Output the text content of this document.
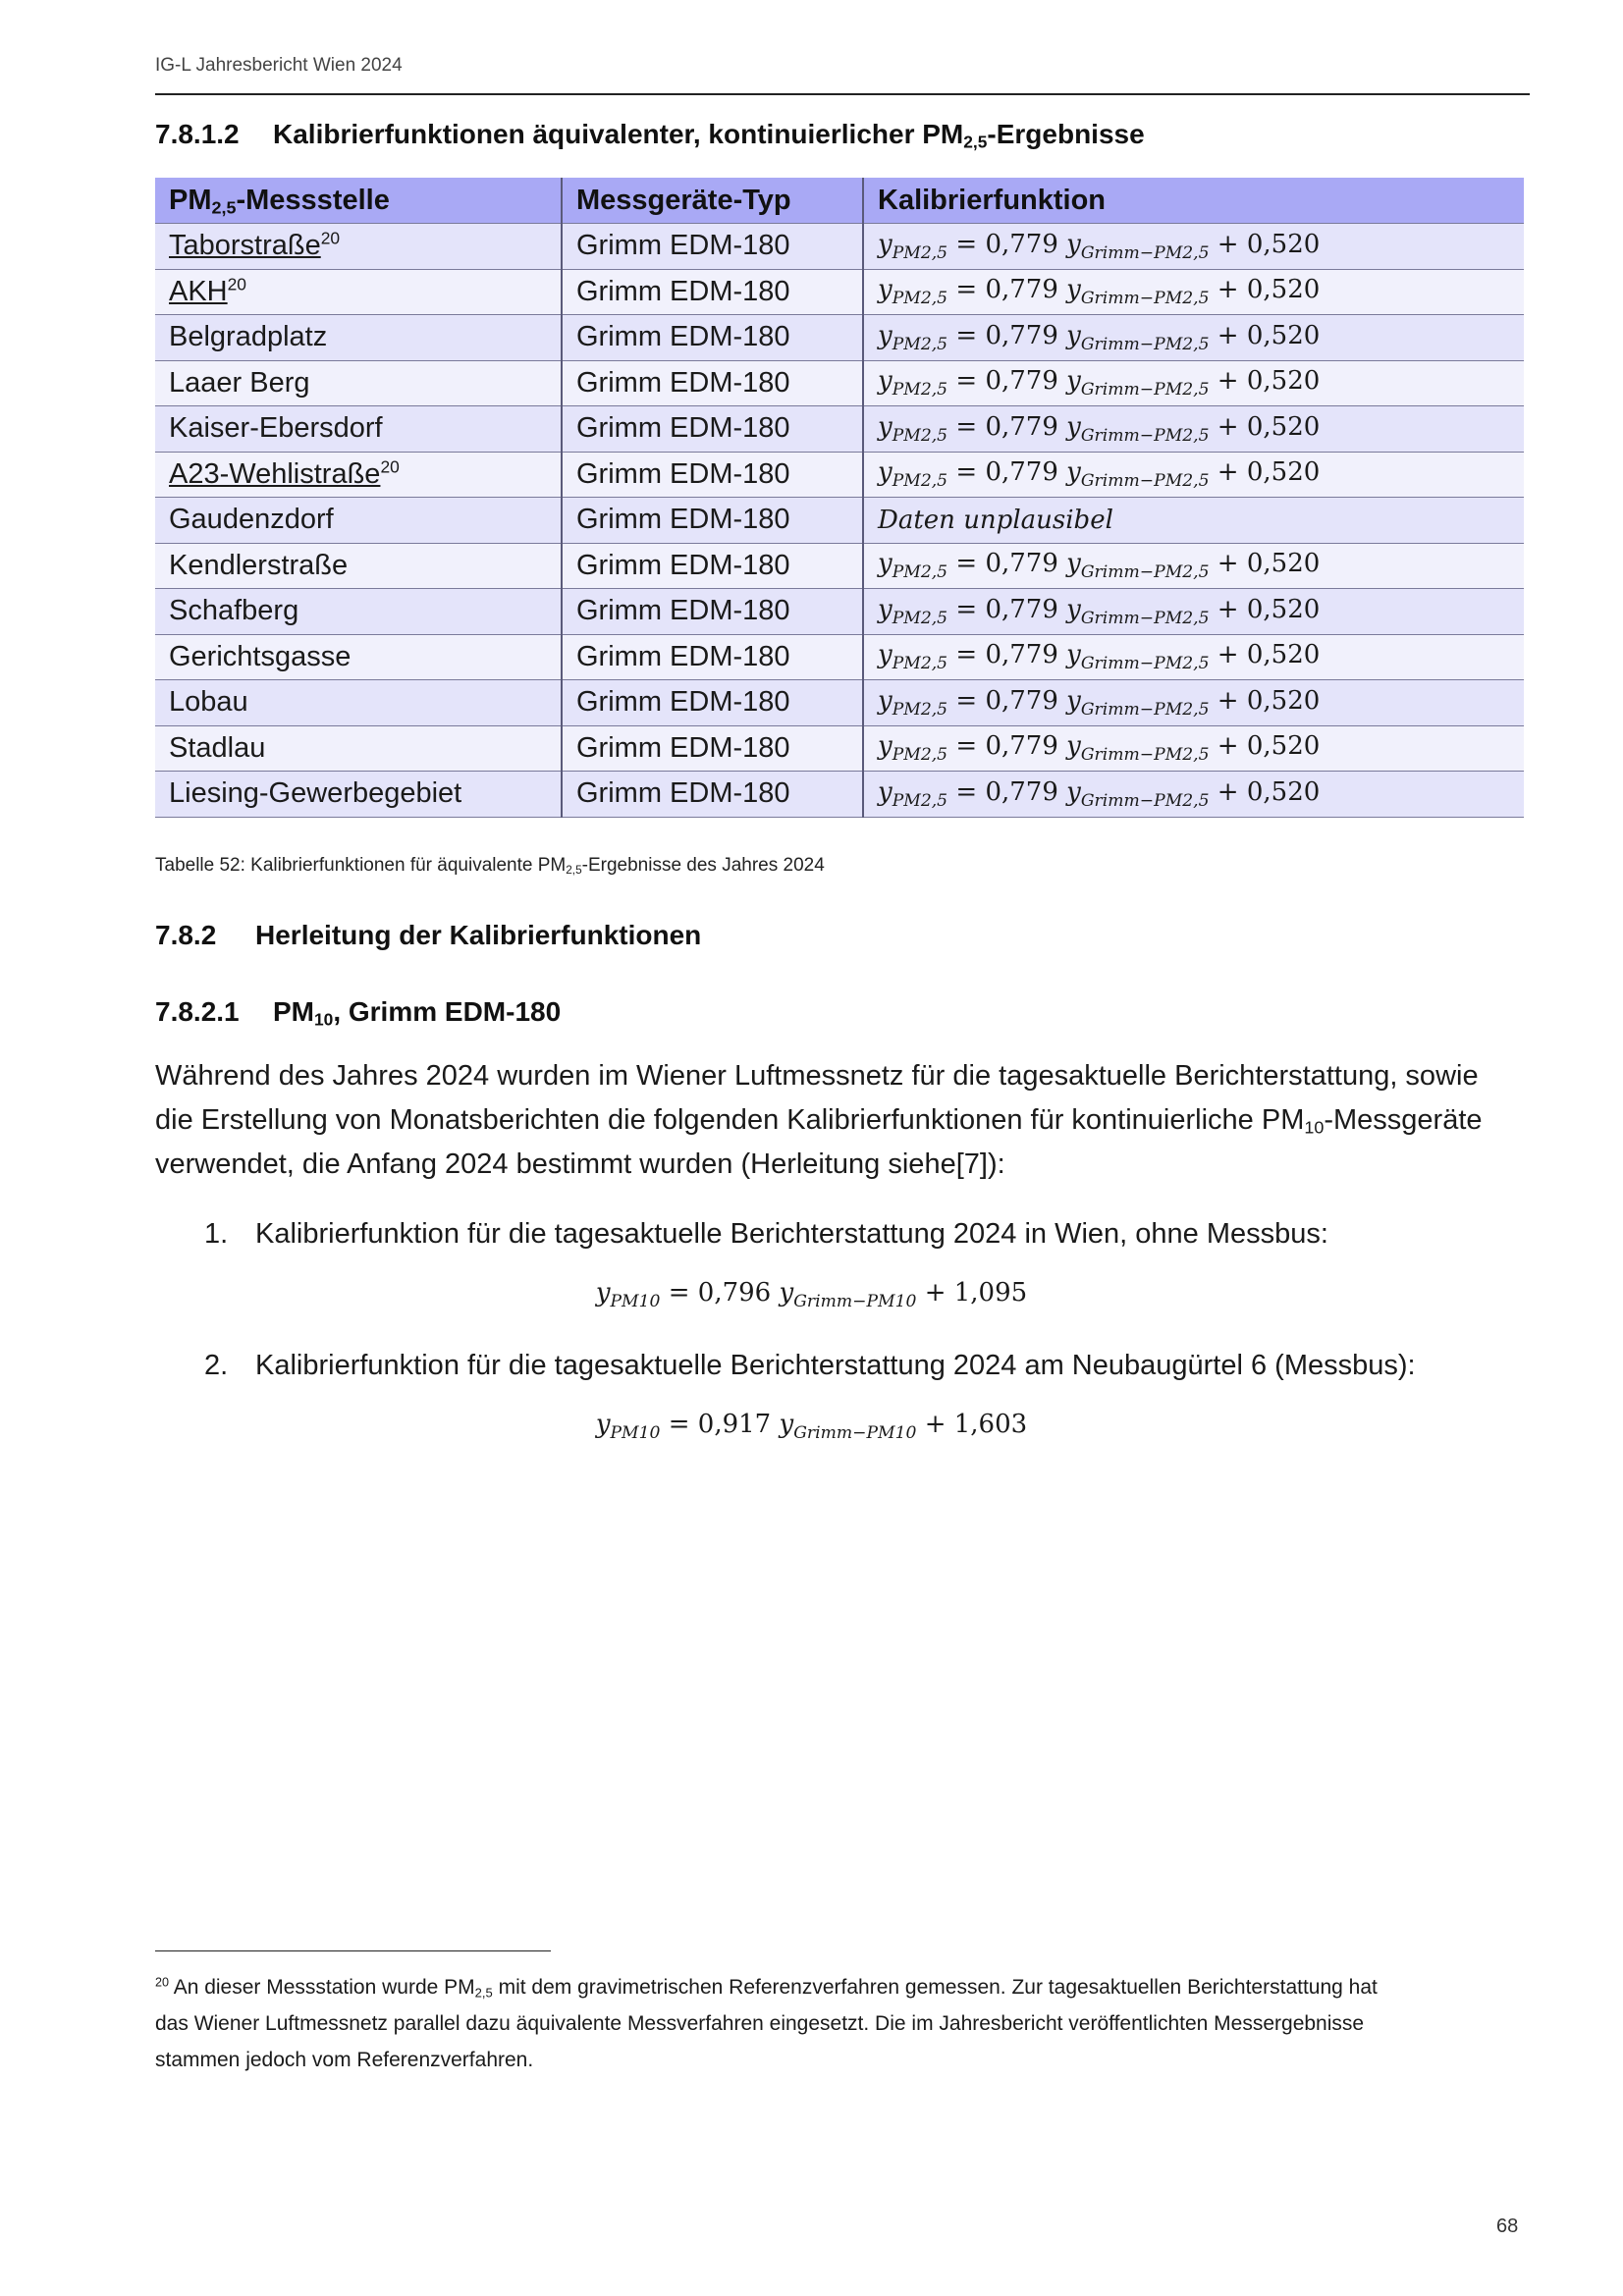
IG-L Jahresbericht Wien 2024
7.8.1.2 Kalibrierfunktionen äquivalenter, kontinuierlicher $PM_{2,5}$-Ergebnisse
$PM_{2,5}$-Messstelle	Messgeräte-Typ	Kalibrierfunktion
Taborstraße$^{20}$	Grimm EDM-180	$y_{PM2,5} = 0,779$ $y_{Grimm-PM2,5} + 0,520$
AKH$^{20}$	Grimm EDM-180	$y_{PM2,5} = 0,779$ $y_{Grimm-PM2,5} + 0,520$
Belgradplatz	Grimm EDM-180	$y_{PM2,5} = 0,779$ $y_{Grimm-PM2,5} + 0,520$
Laaer Berg	Grimm EDM-180	$y_{PM2,5} = 0,779$ $y_{Grimm-PM2,5} + 0,520$
Kaiser-Ebersdorf	Grimm EDM-180	$y_{PM2,5} = 0,779$ $y_{Grimm-PM2,5} + 0,520$
A23-Wehlistraße$^{20}$	Grimm EDM-180	$y_{PM2,5} = 0,779$ $y_{Grimm-PM2,5} + 0,520$
Gaudenzdorf	Grimm EDM-180	Daten unplausibel
Kendlerstraße	Grimm EDM-180	$y_{PM2,5} = 0,779$ $y_{Grimm-PM2,5} + 0,520$
Schafberg	Grimm EDM-180	$y_{PM2,5} = 0,779$ $y_{Grimm-PM2,5} + 0,520$
Gerichtsgasse	Grimm EDM-180	$y_{PM2,5} = 0,779$ $y_{Grimm-PM2,5} + 0,520$
Lobau	Grimm EDM-180	$y_{PM2,5} = 0,779$ $y_{Grimm-PM2,5} + 0,520$
Stadlau	Grimm EDM-180	$y_{PM2,5} = 0,779$ $y_{Grimm-PM2,5} + 0,520$
Liesing-Gewerbegebiet	Grimm EDM-180	$y_{PM2,5} = 0,779$ $y_{Grimm-PM2,5} + 0,520$
Tabelle 52: Kalibrierfunktionen für äquivalente $PM_{2,5}$-Ergebnisse des Jahres 2024
7.8.2 Herleitung der Kalibrierfunktionen
7.8.2.1 $PM_{10}$, Grimm EDM-180
Während des Jahres 2024 wurden im Wiener Luftmessnetz für die tagesaktuelle Berichterstattung, sowie
die Erstellung von Monatsberichten die folgenden Kalibrierfunktionen für kontinuierliche $PM_{10}$-Messgeräte
verwendet, die Anfang 2024 bestimmt wurden (Herleitung siehe[7]):
1. Kalibrierfunktion für die tagesaktuelle Berichterstattung 2024 in Wien, ohne Messbus:
$y_{PM10} = 0,796$ $y_{Grimm-PM10} + 1,095$
2. Kalibrierfunktion für die tagesaktuelle Berichterstattung 2024 am Neubaugürtel 6 (Messbus):
$y_{PM10} = 0,917$ $y_{Grimm-PM10} + 1,603$
$^{20}$ An dieser Messstation wurde $PM_{2,5}$ mit dem gravimetrischen Referenzverfahren gemessen. Zur tagesaktuellen Berichterstattung hat
das Wiener Luftmessnetz parallel dazu äquivalente Messverfahren eingesetzt. Die im Jahresbericht veröffentlichten Messergebnisse
stammen jedoch vom Referenzverfahren.
68
